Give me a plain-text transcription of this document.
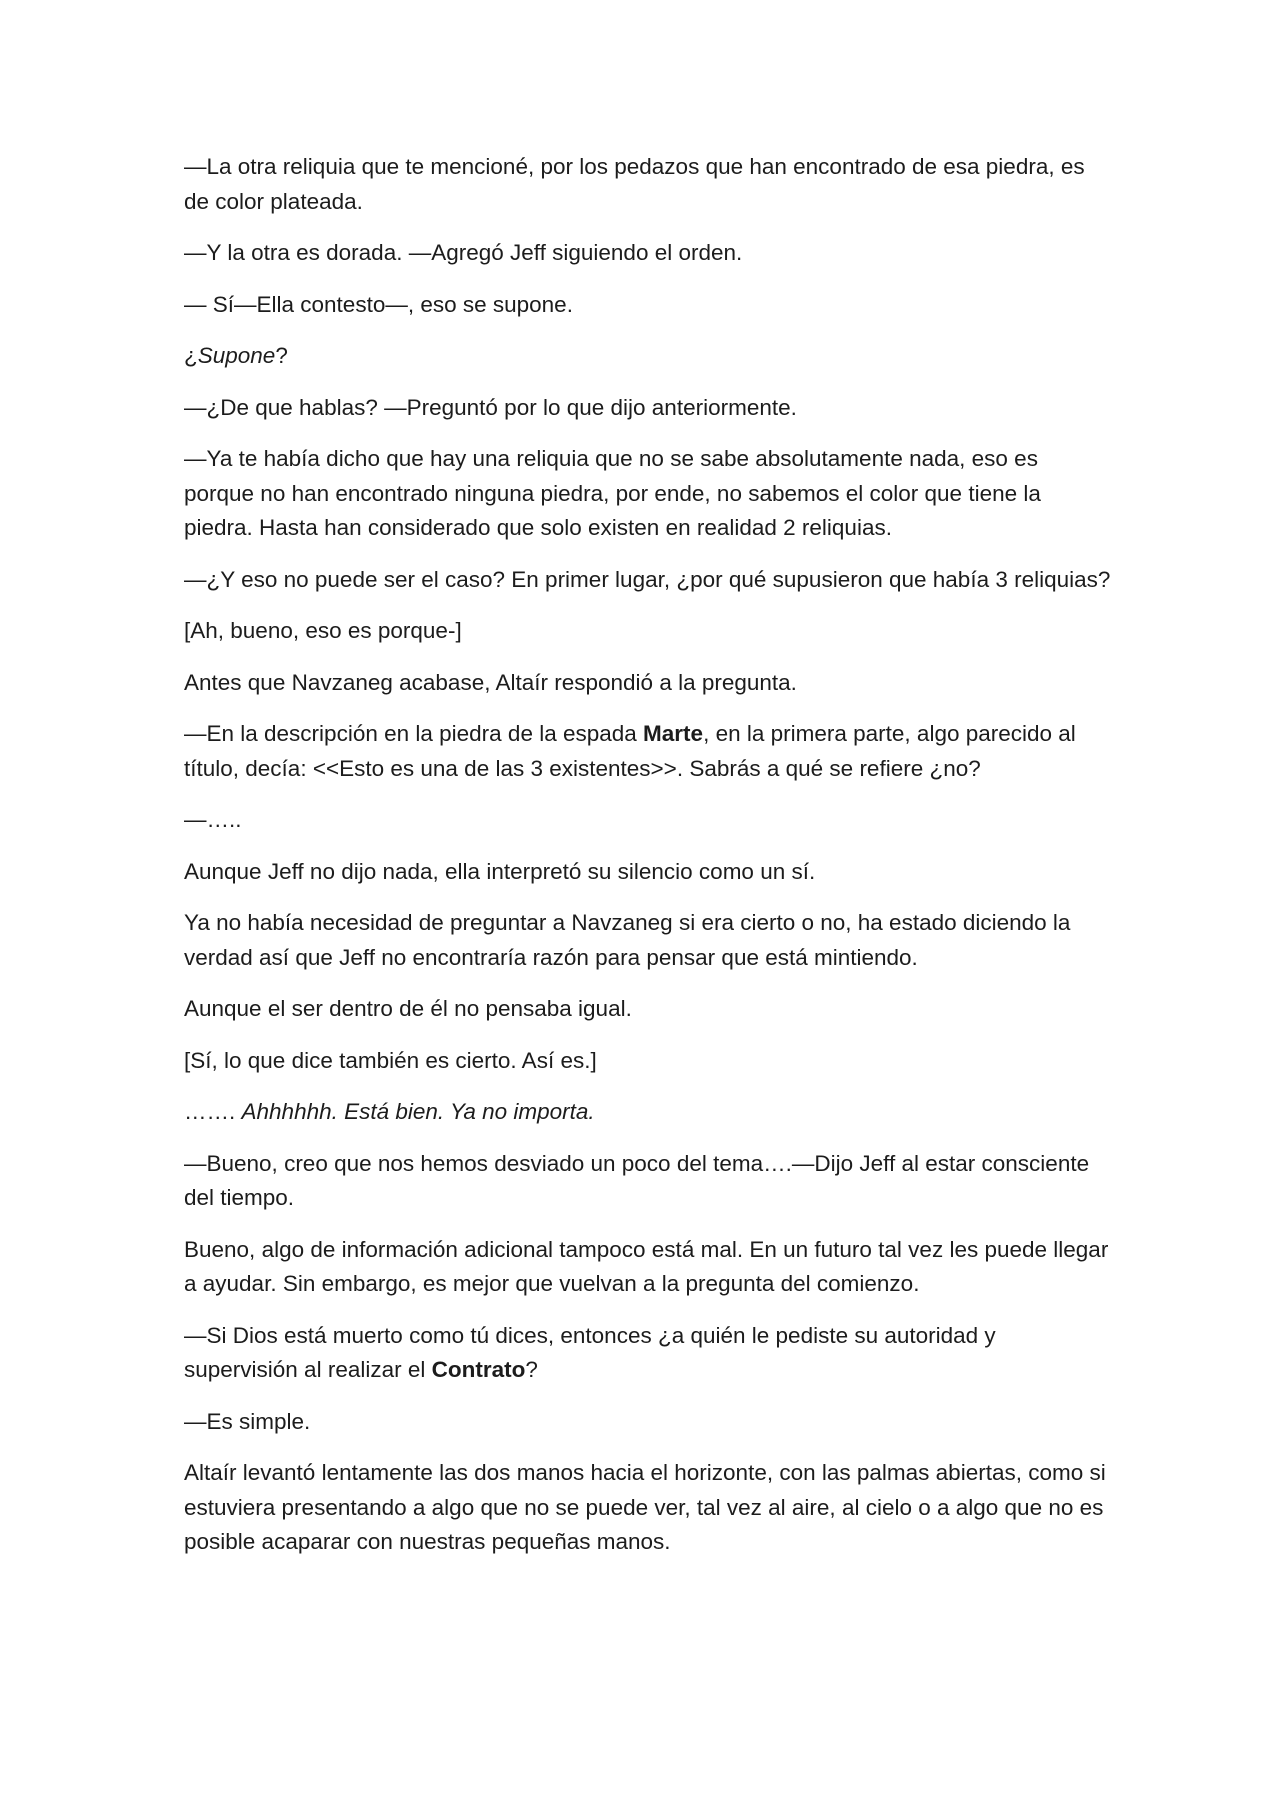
—La otra reliquia que te mencioné, por los pedazos que han encontrado de esa piedra, es de color plateada.

—Y la otra es dorada. —Agregó Jeff siguiendo el orden.

— Sí—Ella contesto—, eso se supone.

¿Supone?

—¿De que hablas? —Preguntó por lo que dijo anteriormente.

—Ya te había dicho que hay una reliquia que no se sabe absolutamente nada, eso es porque no han encontrado ninguna piedra, por ende, no sabemos el color que tiene la piedra. Hasta han considerado que solo existen en realidad 2 reliquias.

—¿Y eso no puede ser el caso? En primer lugar, ¿por qué supusieron que había 3 reliquias?

[Ah, bueno, eso es porque-]

Antes que Navzaneg acabase, Altaír respondió a la pregunta.

—En la descripción en la piedra de la espada Marte, en la primera parte, algo parecido al título, decía: <<Esto es una de las 3 existentes>>. Sabrás a qué se refiere ¿no?

—…..

Aunque Jeff no dijo nada, ella interpretó su silencio como un sí.

Ya no había necesidad de preguntar a Navzaneg si era cierto o no, ha estado diciendo la verdad así que Jeff no encontraría razón para pensar que está mintiendo.

Aunque el ser dentro de él no pensaba igual.

[Sí, lo que dice también es cierto. Así es.]

……. Ahhhhhh. Está bien. Ya no importa.

—Bueno, creo que nos hemos desviado un poco del tema….—Dijo Jeff al estar consciente del tiempo.

Bueno, algo de información adicional tampoco está mal. En un futuro tal vez les puede llegar a ayudar. Sin embargo, es mejor que vuelvan a la pregunta del comienzo.

—Si Dios está muerto como tú dices, entonces ¿a quién le pediste su autoridad y supervisión al realizar el Contrato?

—Es simple.

Altaír levantó lentamente las dos manos hacia el horizonte, con las palmas abiertas, como si estuviera presentando a algo que no se puede ver, tal vez al aire, al cielo o a algo que no es posible acaparar con nuestras pequeñas manos.
